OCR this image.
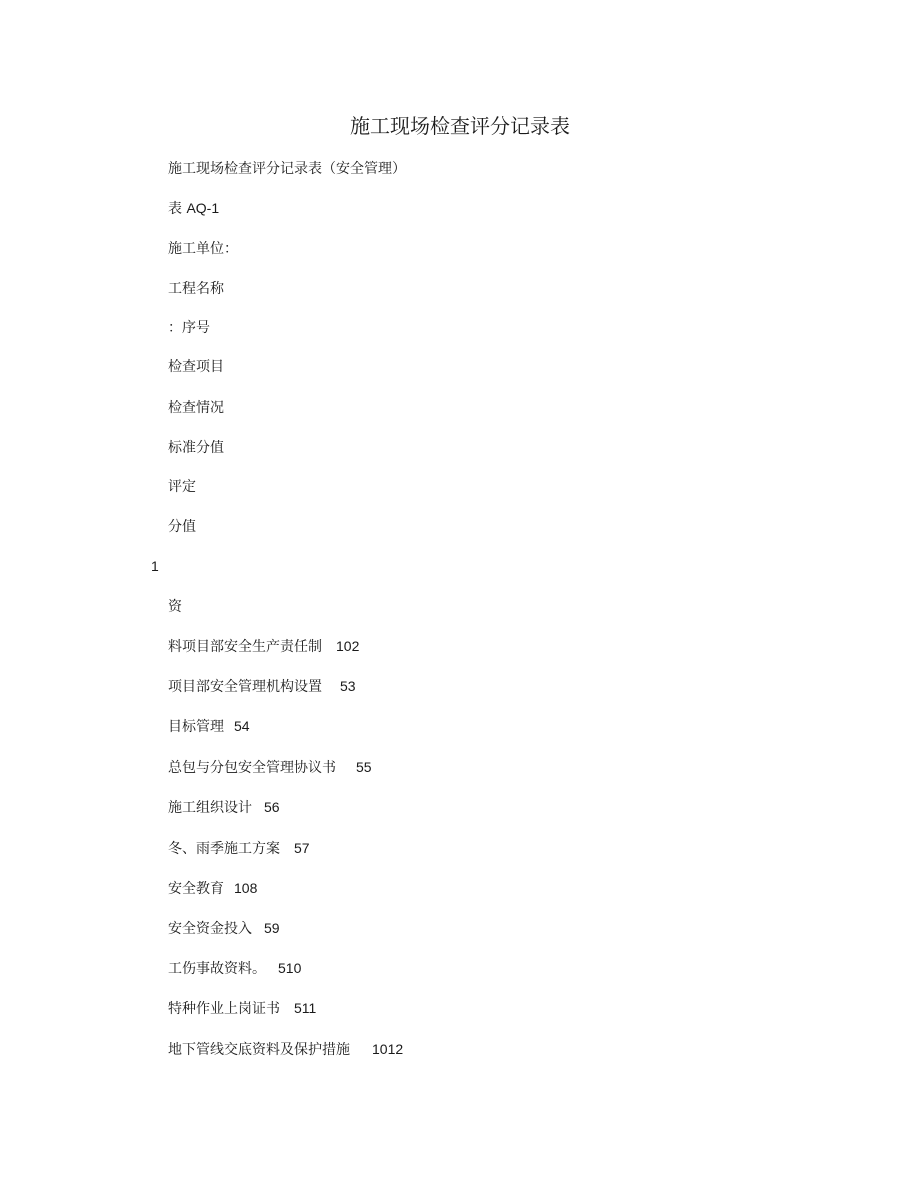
施工现场检查评分记录表
施工现场检查评分记录表（安全管理）
表 AQ-1
施工单位：
工程名称
：序号
检查项目
检查情况
标准分值
评定
分值
1
资
料项目部安全生产责任制 102
项目部安全管理机构设置 53
目标管理 54
总包与分包安全管理协议书 55
施工组织设计 56
冬、雨季施工方案 57
安全教育 108
安全资金投入 59
工伤事故资料。 510
特种作业上岗证书 511
地下管线交底资料及保护措施 1012
